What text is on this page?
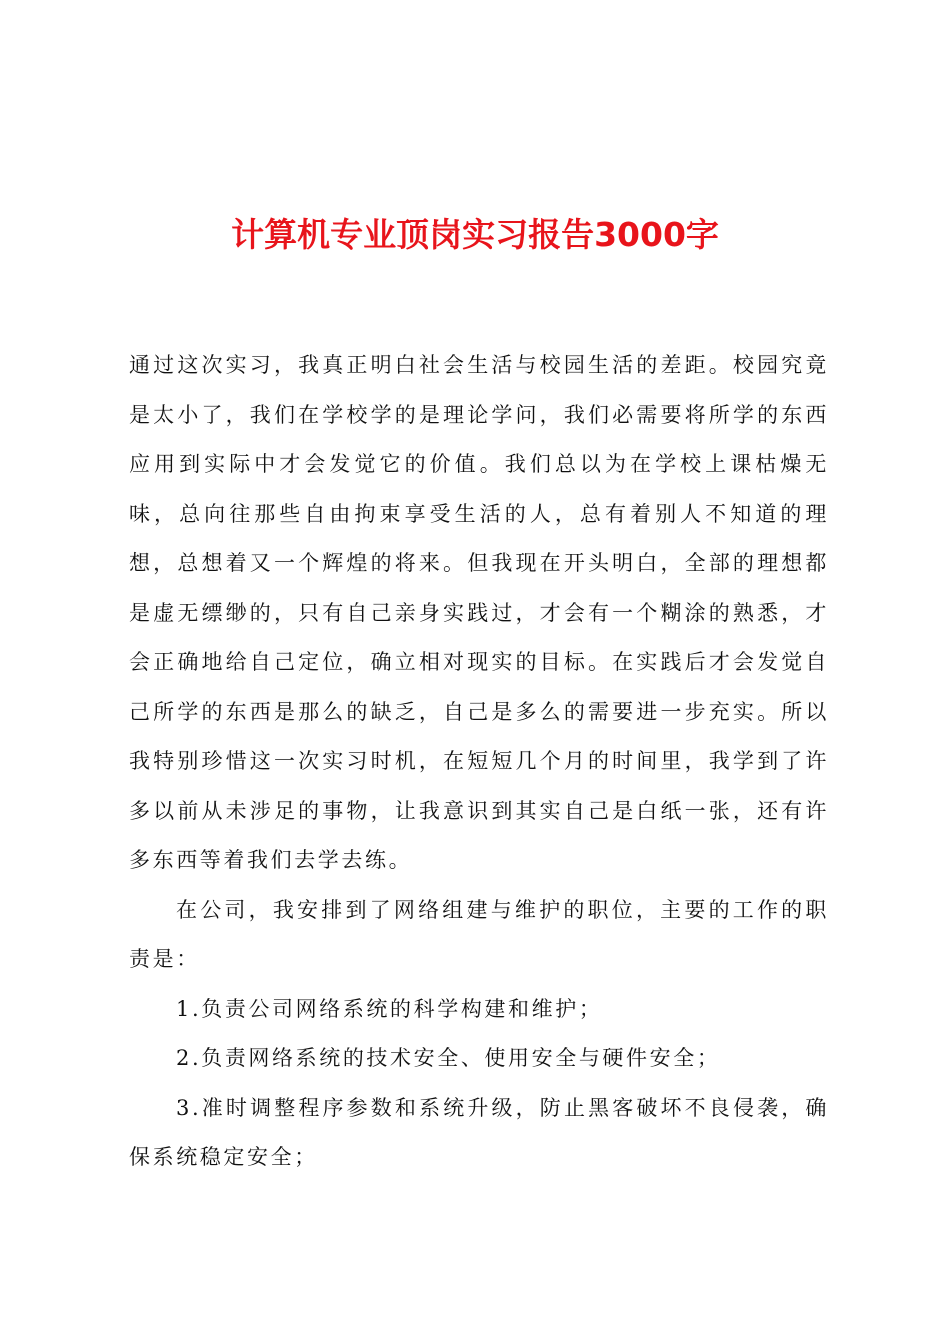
计算机专业顶岗实习报告3000字

通过这次实习，我真正明白社会生活与校园生活的差距。校园究竟是太小了，我们在学校学的是理论学问，我们必需要将所学的东西应用到实际中才会发觉它的价值。我们总以为在学校上课枯燥无味，总向往那些自由拘束享受生活的人，总有着别人不知道的理想，总想着又一个辉煌的将来。但我现在开头明白，全部的理想都是虚无缥缈的，只有自己亲身实践过，才会有一个糊涂的熟悉，才会正确地给自己定位，确立相对现实的目标。在实践后才会发觉自己所学的东西是那么的缺乏，自己是多么的需要进一步充实。所以我特别珍惜这一次实习时机，在短短几个月的时间里，我学到了许多以前从未涉足的事物，让我意识到其实自己是白纸一张，还有许多东西等着我们去学去练。

在公司，我安排到了网络组建与维护的职位，主要的工作的职责是：

1.负责公司网络系统的科学构建和维护；

2.负责网络系统的技术安全、使用安全与硬件安全；

3.准时调整程序参数和系统升级，防止黑客破坏不良侵袭，确保系统稳定安全；
